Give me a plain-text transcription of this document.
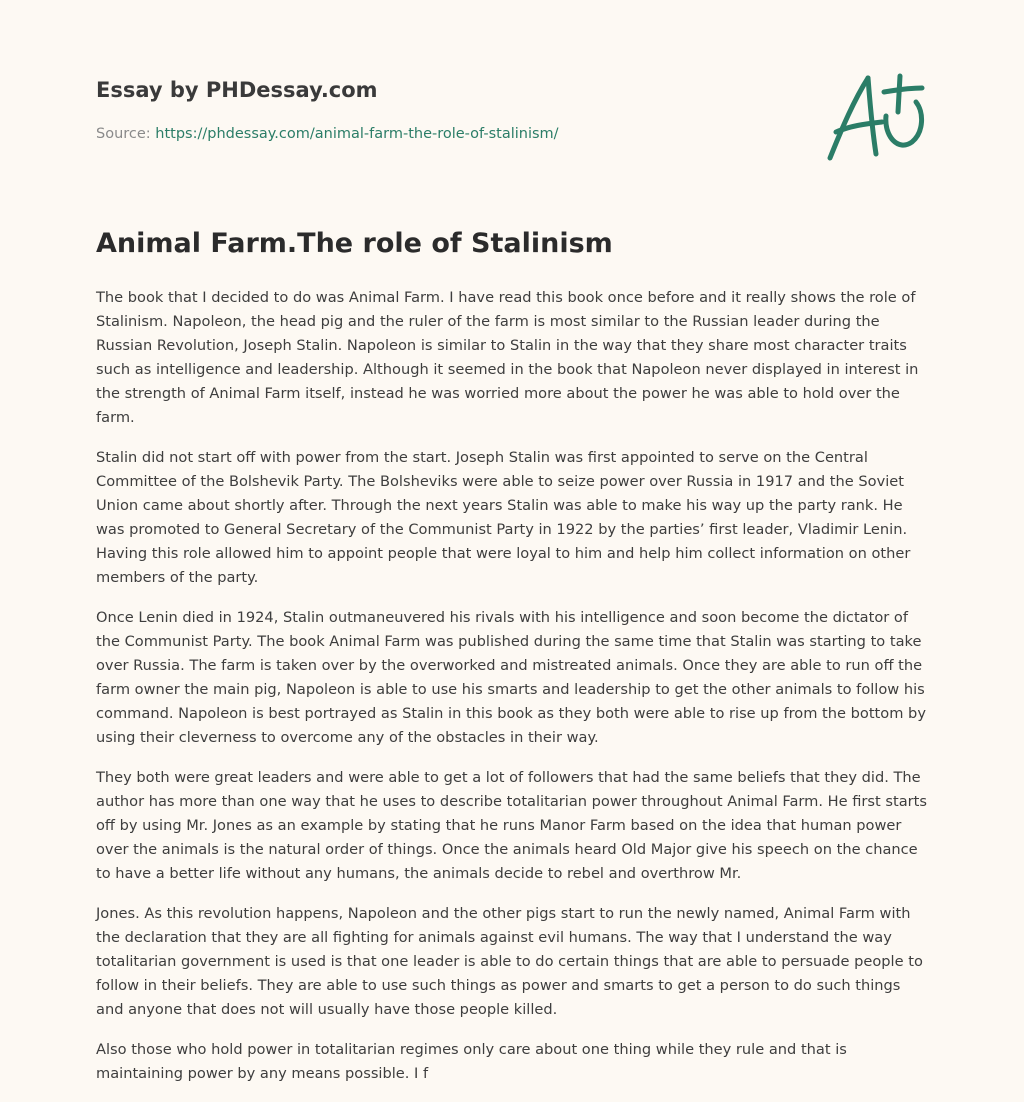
Essay by PHDessay.com
Source: https://phdessay.com/animal-farm-the-role-of-stalinism/
Animal Farm.The role of Stalinism

The book that I decided to do was Animal Farm. I have read this book once before and it really shows the role of Stalinism. Napoleon, the head pig and the ruler of the farm is most similar to the Russian leader during the Russian Revolution, Joseph Stalin. Napoleon is similar to Stalin in the way that they share most character traits such as intelligence and leadership. Although it seemed in the book that Napoleon never displayed in interest in the strength of Animal Farm itself, instead he was worried more about the power he was able to hold over the farm.

Stalin did not start off with power from the start. Joseph Stalin was first appointed to serve on the Central Committee of the Bolshevik Party. The Bolsheviks were able to seize power over Russia in 1917 and the Soviet Union came about shortly after. Through the next years Stalin was able to make his way up the party rank. He was promoted to General Secretary of the Communist Party in 1922 by the parties’ first leader, Vladimir Lenin. Having this role allowed him to appoint people that were loyal to him and help him collect information on other members of the party.

Once Lenin died in 1924, Stalin outmaneuvered his rivals with his intelligence and soon become the dictator of the Communist Party. The book Animal Farm was published during the same time that Stalin was starting to take over Russia. The farm is taken over by the overworked and mistreated animals. Once they are able to run off the farm owner the main pig, Napoleon is able to use his smarts and leadership to get the other animals to follow his command. Napoleon is best portrayed as Stalin in this book as they both were able to rise up from the bottom by using their cleverness to overcome any of the obstacles in their way.

They both were great leaders and were able to get a lot of followers that had the same beliefs that they did. The author has more than one way that he uses to describe totalitarian power throughout Animal Farm. He first starts off by using Mr. Jones as an example by stating that he runs Manor Farm based on the idea that human power over the animals is the natural order of things. Once the animals heard Old Major give his speech on the chance to have a better life without any humans, the animals decide to rebel and overthrow Mr.

Jones. As this revolution happens, Napoleon and the other pigs start to run the newly named, Animal Farm with the declaration that they are all fighting for animals against evil humans. The way that I understand the way totalitarian government is used is that one leader is able to do certain things that are able to persuade people to follow in their beliefs. They are able to use such things as power and smarts to get a person to do such things and anyone that does not will usually have those people killed.

Also those who hold power in totalitarian regimes only care about one thing while they rule and that is maintaining power by any means possible. I f
